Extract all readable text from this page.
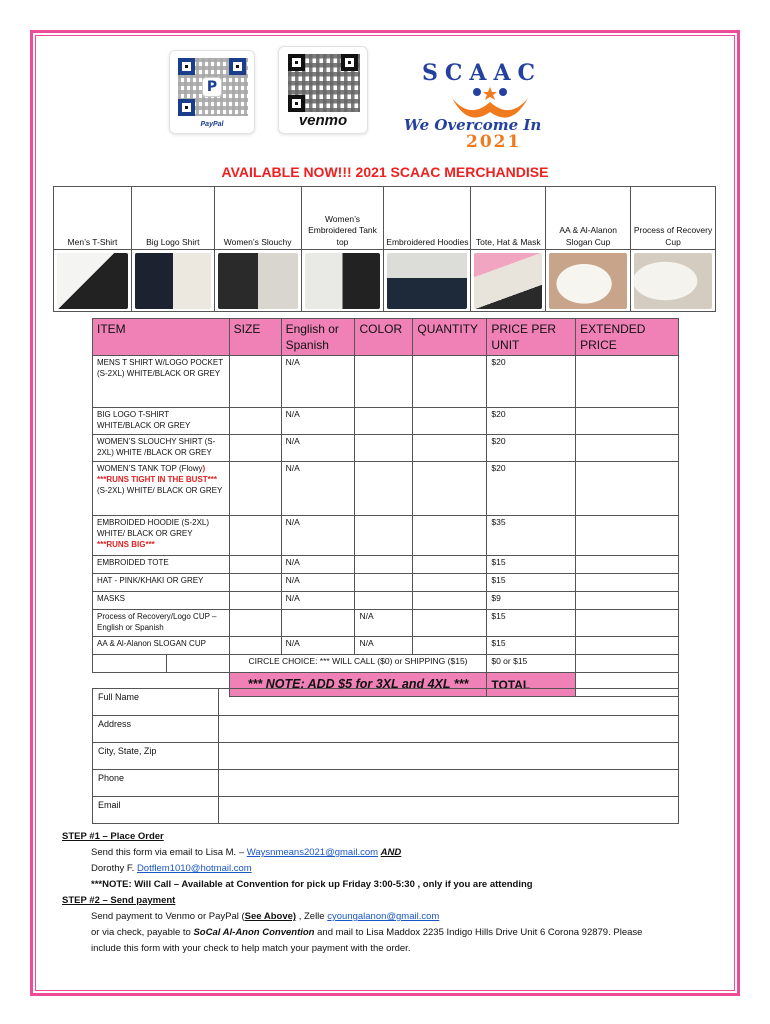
P
PayPal	venmo
SCAAC
We Overcome In
2021
AVAILABLE NOW!!! 2021 SCAAC MERCHANDISE
Men’s T-Shirt	Big Logo Shirt	Women’s Slouchy	Women’s Embroidered Tank top	Embroidered Hoodies	Tote, Hat & Mask	AA & Al-Alanon Slogan Cup	Process of Recovery Cup

ITEM	SIZE	English or Spanish	COLOR	QUANTITY	PRICE PER UNIT	EXTENDED PRICE
MENS T SHIRT W/LOGO POCKET (S-2XL) WHITE/BLACK OR GREY		N/A			$20	
BIG LOGO T-SHIRT WHITE/BLACK OR GREY		N/A			$20	
WOMEN’S SLOUCHY SHIRT (S-2XL) WHITE /BLACK OR GREY		N/A			$20	
WOMEN’S TANK TOP (Flowy) ***RUNS TIGHT IN THE BUST***(S-2XL) WHITE/ BLACK OR GREY		N/A			$20	
EMBROIDED HOODIE (S-2XL) WHITE/ BLACK OR GREY ***RUNS BIG***		N/A			$35	
EMBROIDED TOTE		N/A			$15	
HAT - PINK/KHAKI OR GREY		N/A			$15	
MASKS		N/A			$9	
Process of Recovery/Logo CUP – English or Spanish			N/A		$15	
AA & Al-Alanon SLOGAN CUP		N/A	N/A		$15	

	CIRCLE CHOICE: *** WILL CALL ($0) or SHIPPING ($15)				$0 or $15	
	*** NOTE: ADD $5 for 3XL and 4XL ***				TOTAL	
Full Name	
Address	
City, State, Zip	
Phone	
Email	
STEP #1 – Place Order
Send this form via email to Lisa M. – Waysnmeans2021@gmail.com AND
Dorothy F. Dotflem1010@hotmail.com
***NOTE: Will Call – Available at Convention for pick up Friday 3:00-5:30 , only if you are attending
STEP #2 – Send payment
Send payment to Venmo or PayPal (See Above) , Zelle cyoungalanon@gmail.com
or via check, payable to SoCal Al-Anon Convention and mail to Lisa Maddox 2235 Indigo Hills Drive Unit 6 Corona 92879. Please
include this form with your check to help match your payment with the order.
